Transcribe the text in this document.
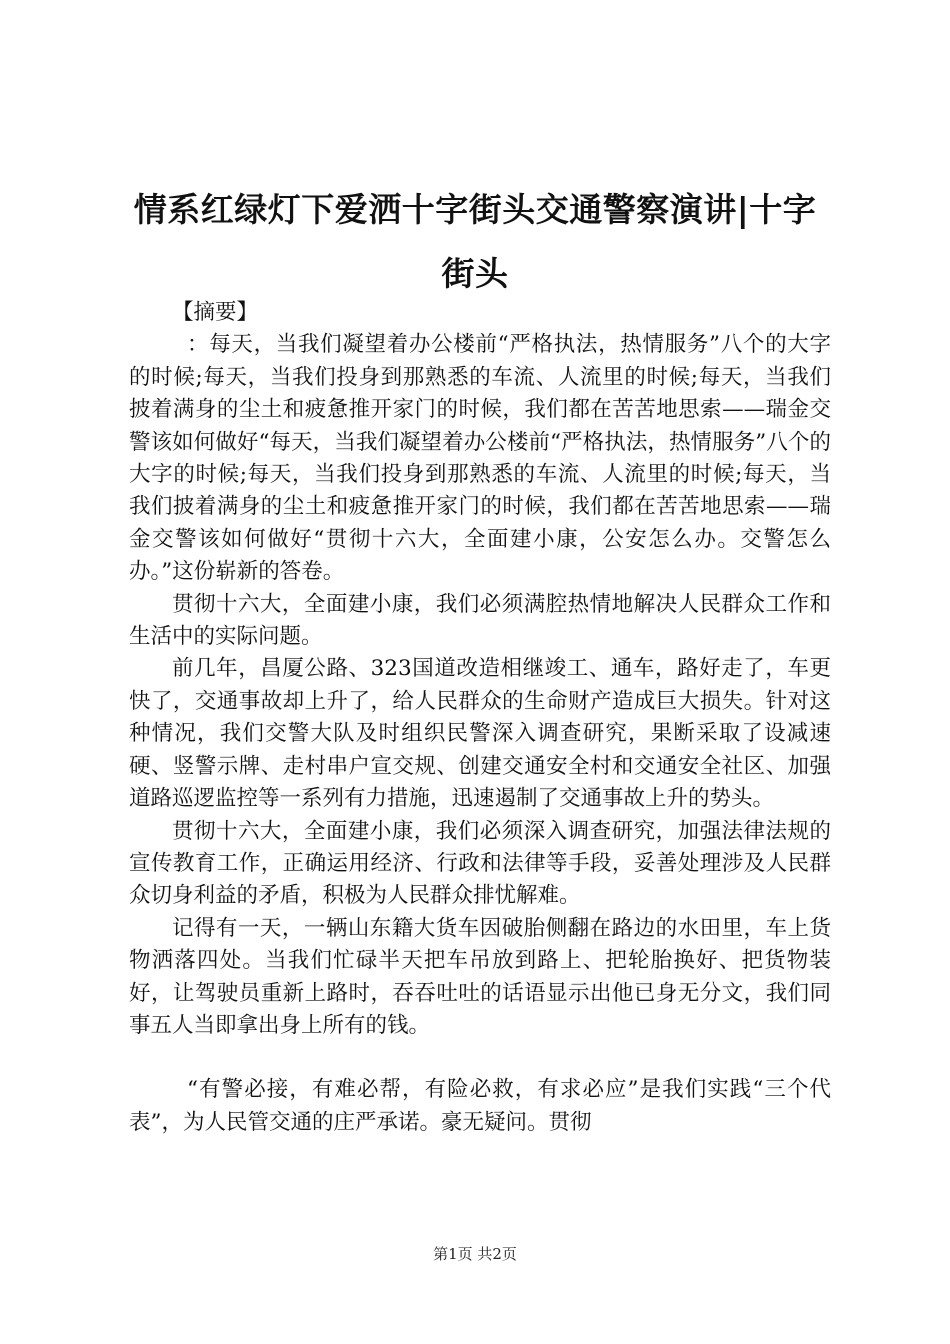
情系红绿灯下爱洒十字街头交通警察演讲|十字街头

【摘要】

：每天，当我们凝望着办公楼前“严格执法，热情服务”八个的大字的时候;每天，当我们投身到那熟悉的车流、人流里的时候;每天，当我们披着满身的尘土和疲惫推开家门的时候，我们都在苦苦地思索——瑞金交警该如何做好“每天，当我们凝望着办公楼前“严格执法，热情服务”八个的大字的时候;每天，当我们投身到那熟悉的车流、人流里的时候;每天，当我们披着满身的尘土和疲惫推开家门的时候，我们都在苦苦地思索——瑞金交警该如何做好“贯彻十六大，全面建小康，公安怎么办。交警怎么办。”这份崭新的答卷。

贯彻十六大，全面建小康，我们必须满腔热情地解决人民群众工作和生活中的实际问题。

前几年，昌厦公路、323国道改造相继竣工、通车，路好走了，车更快了，交通事故却上升了，给人民群众的生命财产造成巨大损失。针对这种情况，我们交警大队及时组织民警深入调查研究，果断采取了设减速硬、竖警示牌、走村串户宣交规、创建交通安全村和交通安全社区、加强道路巡逻监控等一系列有力措施，迅速遏制了交通事故上升的势头。

贯彻十六大，全面建小康，我们必须深入调查研究，加强法律法规的宣传教育工作，正确运用经济、行政和法律等手段，妥善处理涉及人民群众切身利益的矛盾，积极为人民群众排忧解难。

记得有一天，一辆山东籍大货车因破胎侧翻在路边的水田里，车上货物洒落四处。当我们忙碌半天把车吊放到路上、把轮胎换好、把货物装好，让驾驶员重新上路时，吞吞吐吐的话语显示出他已身无分文，我们同事五人当即拿出身上所有的钱。

“有警必接，有难必帮，有险必救，有求必应”是我们实践“三个代表”，为人民管交通的庄严承诺。豪无疑问。贯彻

第1页 共2页
